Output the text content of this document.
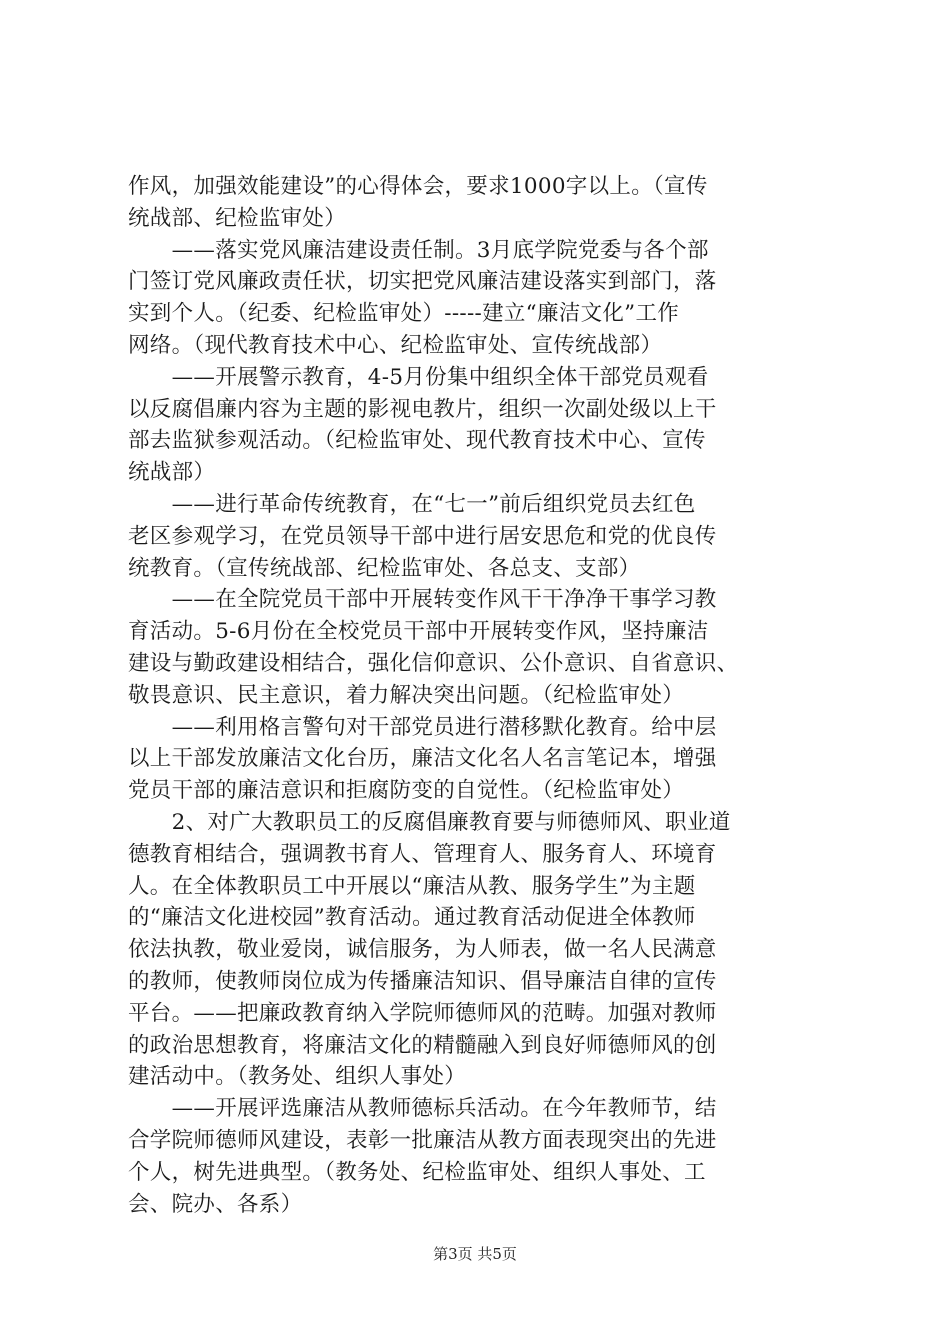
作风，加强效能建设”的心得体会，要求1000字以上。（宣传
统战部、纪检监审处）
　　——落实党风廉洁建设责任制。3月底学院党委与各个部
门签订党风廉政责任状，切实把党风廉洁建设落实到部门，落
实到个人。（纪委、纪检监审处）-----建立“廉洁文化”工作
网络。（现代教育技术中心、纪检监审处、宣传统战部）
　　——开展警示教育，4-5月份集中组织全体干部党员观看
以反腐倡廉内容为主题的影视电教片，组织一次副处级以上干
部去监狱参观活动。（纪检监审处、现代教育技术中心、宣传
统战部）
　　——进行革命传统教育，在“七一”前后组织党员去红色
老区参观学习，在党员领导干部中进行居安思危和党的优良传
统教育。（宣传统战部、纪检监审处、各总支、支部）
　　——在全院党员干部中开展转变作风干干净净干事学习教
育活动。5-6月份在全校党员干部中开展转变作风，坚持廉洁
建设与勤政建设相结合，强化信仰意识、公仆意识、自省意识、
敬畏意识、民主意识，着力解决突出问题。（纪检监审处）
　　——利用格言警句对干部党员进行潜移默化教育。给中层
以上干部发放廉洁文化台历，廉洁文化名人名言笔记本，增强
党员干部的廉洁意识和拒腐防变的自觉性。（纪检监审处）
　　2、对广大教职员工的反腐倡廉教育要与师德师风、职业道
德教育相结合，强调教书育人、管理育人、服务育人、环境育
人。在全体教职员工中开展以“廉洁从教、服务学生”为主题
的“廉洁文化进校园”教育活动。通过教育活动促进全体教师
依法执教，敬业爱岗，诚信服务，为人师表，做一名人民满意
的教师，使教师岗位成为传播廉洁知识、倡导廉洁自律的宣传
平台。——把廉政教育纳入学院师德师风的范畴。加强对教师
的政治思想教育，将廉洁文化的精髓融入到良好师德师风的创
建活动中。（教务处、组织人事处）
　　——开展评选廉洁从教师德标兵活动。在今年教师节，结
合学院师德师风建设，表彰一批廉洁从教方面表现突出的先进
个人，树先进典型。（教务处、纪检监审处、组织人事处、工
会、院办、各系）
第3页 共5页
